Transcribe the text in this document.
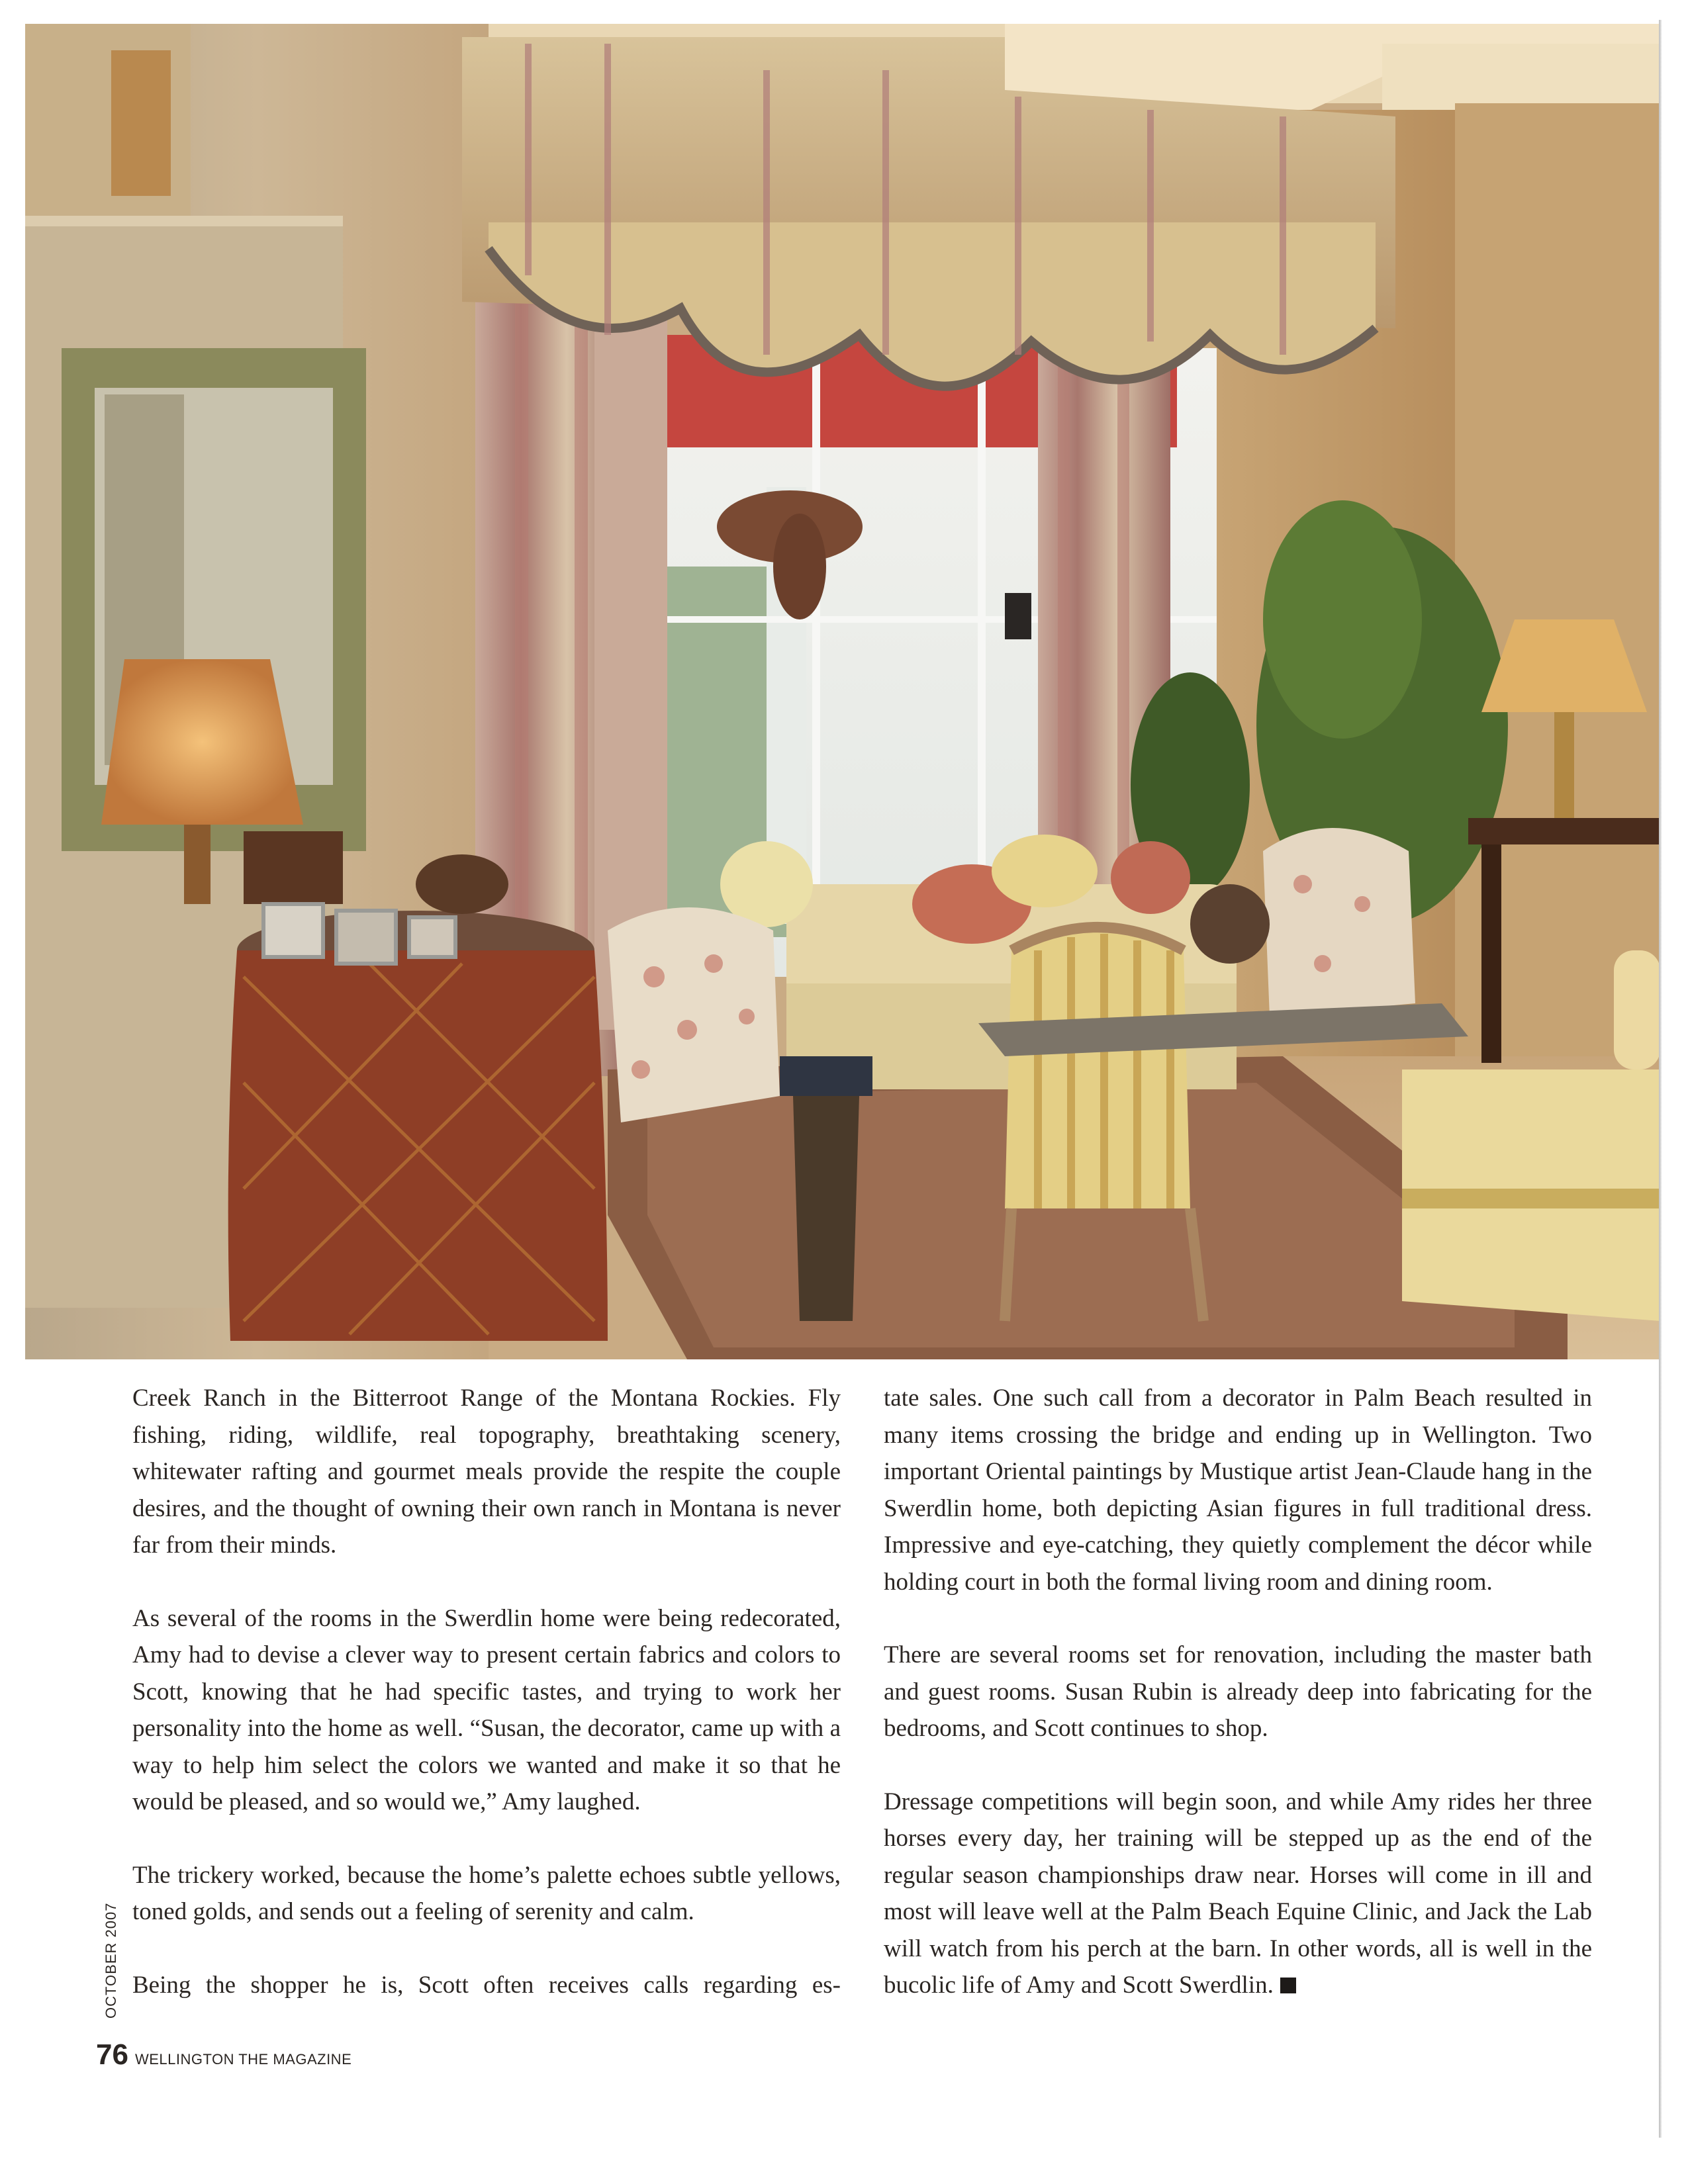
Creek Ranch in the Bitterroot Range of the Montana Rockies. Fly fishing, riding, wildlife, real topography, breathtaking scenery, whitewater rafting and gourmet meals provide the respite the couple desires, and the thought of owning their own ranch in Montana is never far from their minds.

As several of the rooms in the Swerdlin home were being redecorated, Amy had to devise a clever way to present certain fabrics and colors to Scott, knowing that he had specific tastes, and trying to work her personality into the home as well. “Susan, the decorator, came up with a way to help him select the colors we wanted and make it so that he would be pleased, and so would we,” Amy laughed.

The trickery worked, because the home’s palette echoes subtle yellows, toned golds, and sends out a feeling of serenity and calm.

Being the shopper he is, Scott often receives calls regarding es-

tate sales. One such call from a decorator in Palm Beach resulted in many items crossing the bridge and ending up in Wellington. Two important Oriental paintings by Mustique artist Jean-Claude hang in the Swerdlin home, both depicting Asian figures in full traditional dress. Impressive and eye-catching, they quietly complement the décor while holding court in both the formal living room and dining room.

There are several rooms set for renovation, including the master bath and guest rooms. Susan Rubin is already deep into fabricating for the bedrooms, and Scott continues to shop.

Dressage competitions will begin soon, and while Amy rides her three horses every day, her training will be stepped up as the end of the regular season championships draw near. Horses will come in ill and most will leave well at the Palm Beach Equine Clinic, and Jack the Lab will watch from his perch at the barn. In other words, all is well in the bucolic life of Amy and Scott Swerdlin.

OCTOBER 2007
76 WELLINGTON THE MAGAZINE
